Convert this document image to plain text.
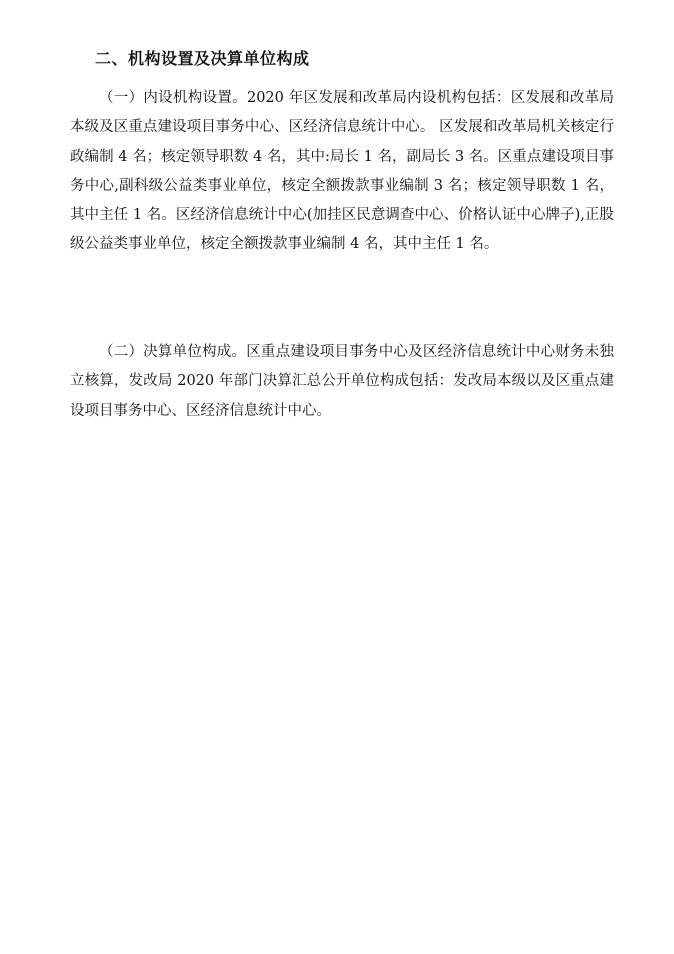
二、机构设置及决算单位构成

（一）内设机构设置。2020 年区发展和改革局内设机构包括：区发展和改革局本级及区重点建设项目事务中心、区经济信息统计中心。 区发展和改革局机关核定行政编制 4 名；核定领导职数 4 名，其中:局长 1 名，副局长 3 名。区重点建设项目事务中心,副科级公益类事业单位，核定全额拨款事业编制 3 名；核定领导职数 1 名，其中主任 1 名。区经济信息统计中心(加挂区民意调查中心、价格认证中心牌子),正股级公益类事业单位，核定全额拨款事业编制 4 名，其中主任 1 名。

（二）决算单位构成。区重点建设项目事务中心及区经济信息统计中心财务未独立核算，发改局 2020 年部门决算汇总公开单位构成包括：发改局本级以及区重点建设项目事务中心、区经济信息统计中心。
